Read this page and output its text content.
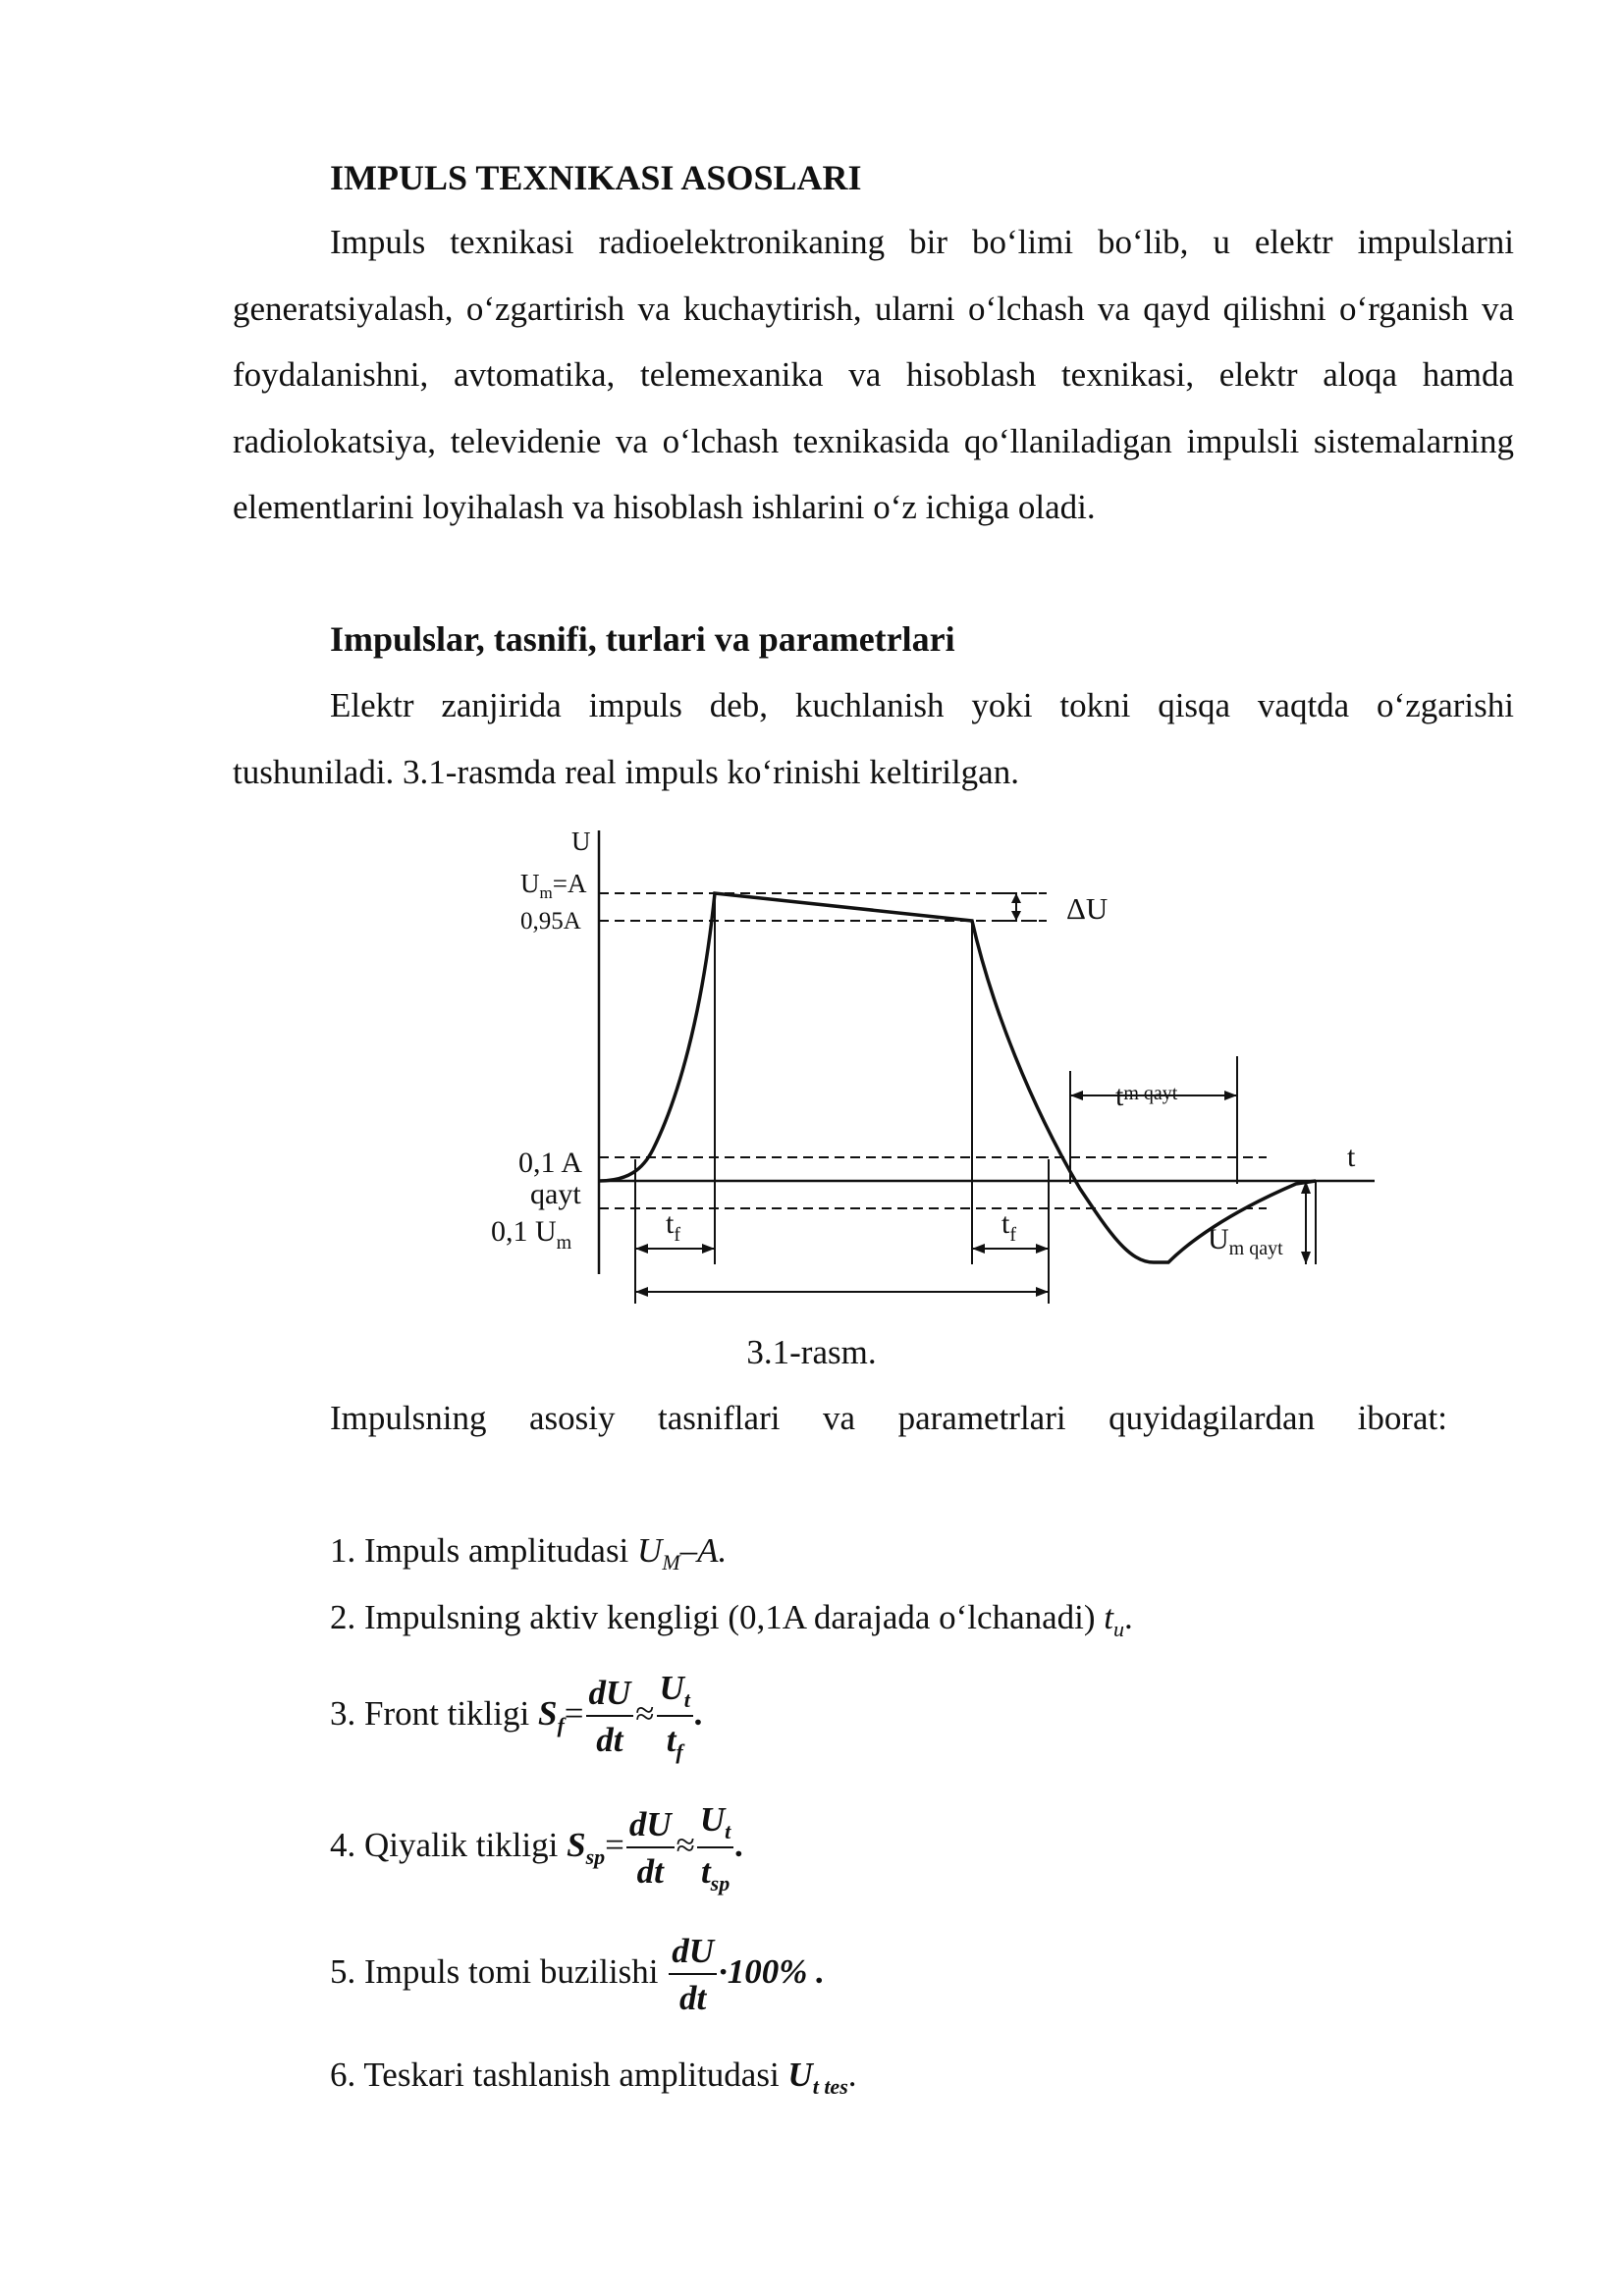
IMPULS TEXNIKASI ASOSLARI

Impuls texnikasi radioelektronikaning bir bo‘limi bo‘lib, u elektr impulslarni generatsiyalash, o‘zgartirish va kuchaytirish, ularni o‘lchash va qayd qilishni o‘rganish va foydalanishni, avtomatika, telemexanika va hisoblash texnikasi, elektr aloqa hamda radiolokatsiya, televidenie va o‘lchash texnikasida qo‘llaniladigan impulsli sistemalarning elementlarini loyihalash va hisoblash ishlarini o‘z ichiga oladi.

Impulslar, tasnifi, turlari va parametrlari

Elektr zanjirida impuls deb, kuchlanish yoki tokni qisqa vaqtda o‘zgarishi tushuniladi. 3.1-rasmda real impuls ko‘rinishi keltirilgan.

U
$U_m=A$
0,95A	ΔU
0,1 A
qayt
0,1 $U_m$
$t_f$	$t_f$
$t^{m qayt}$
t
$U_{m qayt}$
3.1-rasm.
Impulsning asosiy tasniflari va parametrlari quyidagilardan iborat:
1. Impuls amplitudasi $U_M-A$.
2. Impulsning aktiv kengligi (0,1A darajada o‘lchanadi) $t_u$.
3. Front tikligi $S_f= \frac{dU}{dt} \approx \frac{U_t}{t_f}$ .
4. Qiyalik tikligi $S_{sp}= \frac{dU}{dt} \approx \frac{U_t}{t_{sp}}$ .
5. Impuls tomi buzilishi $\frac{dU}{dt} \cdot 100\%$ .
6. Teskari tashlanish amplitudasi $U_{t tes}$.
